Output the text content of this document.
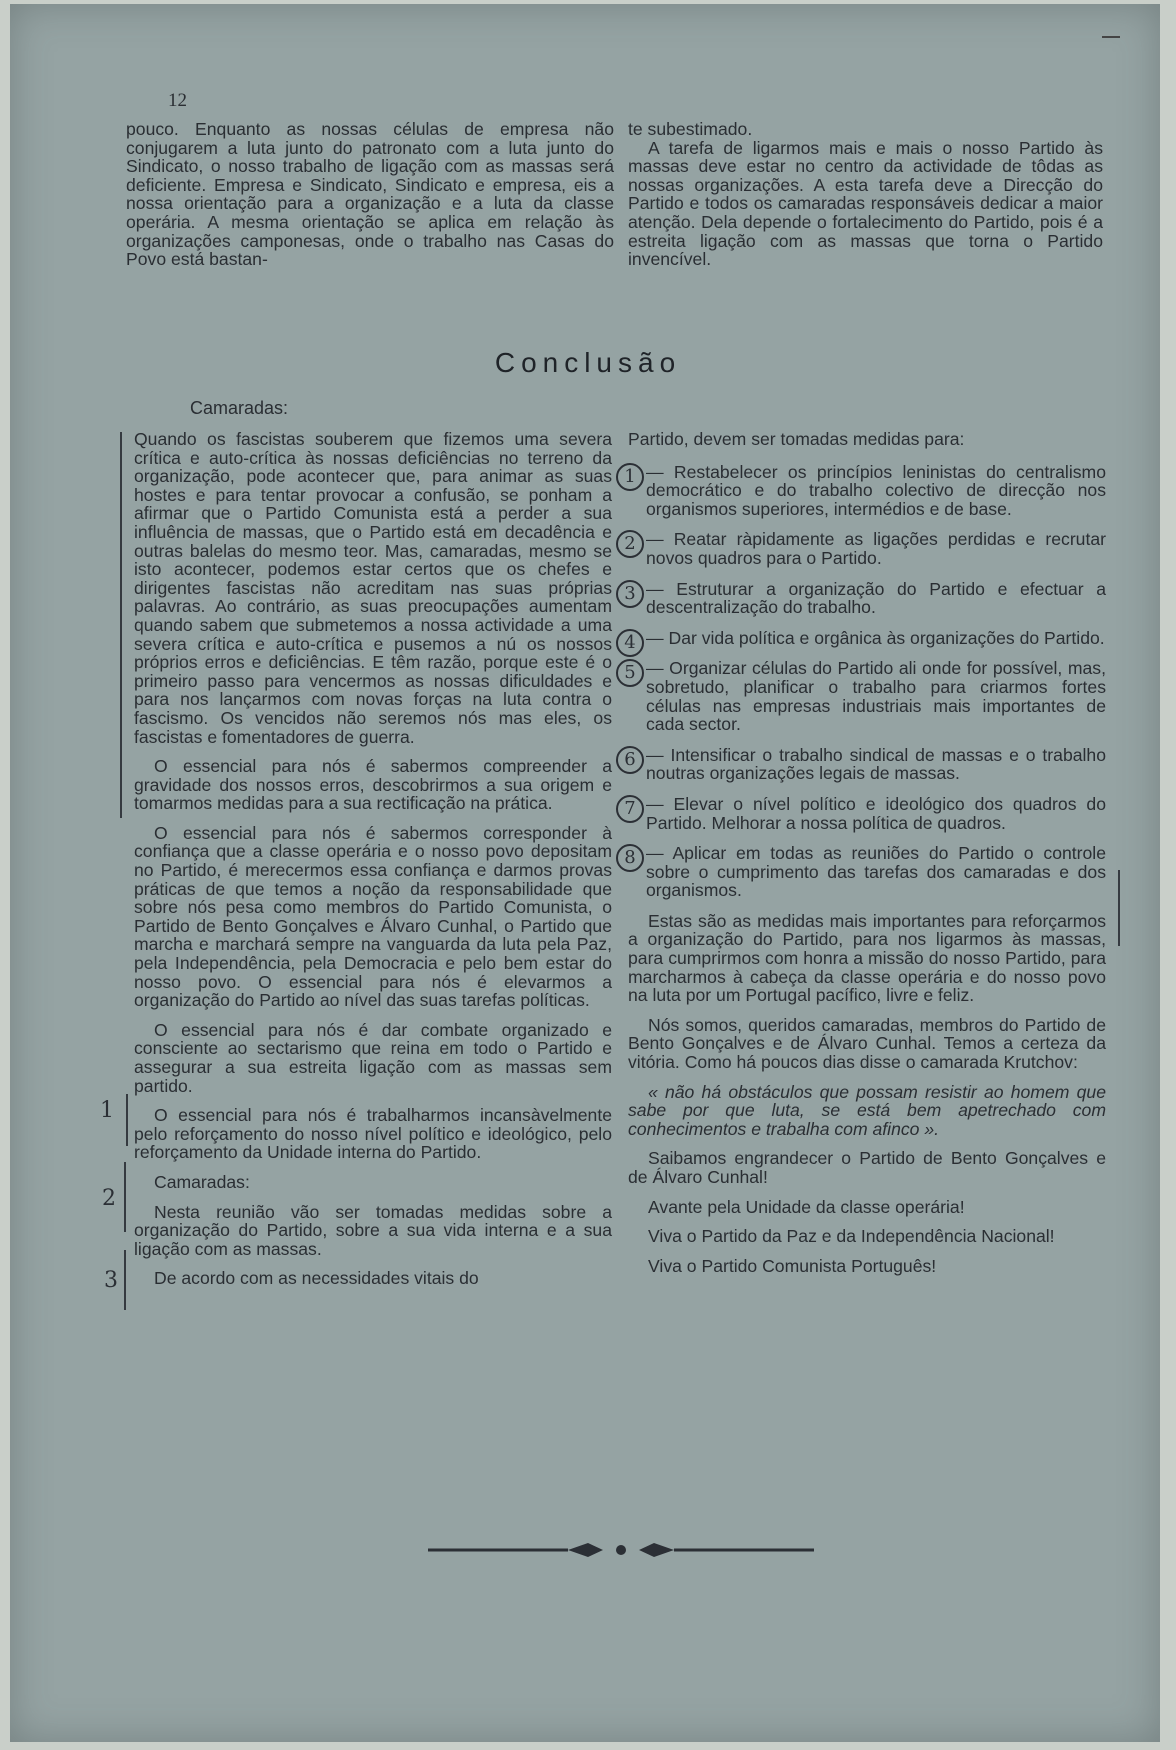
12

pouco. Enquanto as nossas células de empresa não conjugarem a luta junto do patronato com a luta junto do Sindicato, o nosso trabalho de ligação com as massas será deficiente. Empresa e Sindicato, Sindicato e empresa, eis a nossa orientação para a organização e a luta da classe operária. A mesma orientação se aplica em relação às organizações camponesas, onde o trabalho nas Casas do Povo está bastan-

te subestimado.

A tarefa de ligarmos mais e mais o nosso Partido às massas deve estar no centro da actividade de tôdas as nossas organizações. A esta tarefa deve a Direcção do Partido e todos os camaradas responsáveis dedicar a maior atenção. Dela depende o fortalecimento do Partido, pois é a estreita ligação com as massas que torna o Partido invencível.

Conclusão
Camaradas:

Quando os fascistas souberem que fizemos uma severa crítica e auto-crítica às nossas deficiências no terreno da organização, pode acontecer que, para animar as suas hostes e para tentar provocar a confusão, se ponham a afirmar que o Partido Comunista está a perder a sua influência de massas, que o Partido está em decadência e outras balelas do mesmo teor. Mas, camaradas, mesmo se isto acontecer, podemos estar certos que os chefes e dirigentes fascistas não acreditam nas suas próprias palavras. Ao contrário, as suas preocupações aumentam quando sabem que submetemos a nossa actividade a uma severa crítica e auto-crítica e pusemos a nú os nossos próprios erros e deficiências. E têm razão, porque este é o primeiro passo para vencermos as nossas dificuldades e para nos lançarmos com novas forças na luta contra o fascismo. Os vencidos não seremos nós mas eles, os fascistas e fomentadores de guerra.

O essencial para nós é sabermos compreender a gravidade dos nossos erros, descobrirmos a sua origem e tomarmos medidas para a sua rectificação na prática.

O essencial para nós é sabermos corresponder à confiança que a classe operária e o nosso povo depositam no Partido, é merecermos essa confiança e darmos provas práticas de que temos a noção da responsabilidade que sobre nós pesa como membros do Partido Comunista, o Partido de Bento Gonçalves e Álvaro Cunhal, o Partido que marcha e marchará sempre na vanguarda da luta pela Paz, pela Independência, pela Democracia e pelo bem estar do nosso povo. O essencial para nós é elevarmos a organização do Partido ao nível das suas tarefas políticas.

O essencial para nós é dar combate organizado e consciente ao sectarismo que reina em todo o Partido e assegurar a sua estreita ligação com as massas sem partido.

O essencial para nós é trabalharmos incansàvelmente pelo reforçamento do nosso nível político e ideológico, pelo reforçamento da Unidade interna do Partido.

Camaradas:

Nesta reunião vão ser tomadas medidas sobre a organização do Partido, sobre a sua vida interna e a sua ligação com as massas.

De acordo com as necessidades vitais do

Partido, devem ser tomadas medidas para:

1 — Restabelecer os princípios leninistas do centralismo democrático e do trabalho colectivo de direcção nos organismos superiores, intermédios e de base.
2 — Reatar ràpidamente as ligações perdidas e recrutar novos quadros para o Partido.
3 — Estruturar a organização do Partido e efectuar a descentralização do trabalho.
4 — Dar vida política e orgânica às organizações do Partido.
5 — Organizar células do Partido ali onde for possível, mas, sobretudo, planificar o trabalho para criarmos fortes células nas empresas industriais mais importantes de cada sector.
6 — Intensificar o trabalho sindical de massas e o trabalho noutras organizações legais de massas.
7 — Elevar o nível político e ideológico dos quadros do Partido. Melhorar a nossa política de quadros.
8 — Aplicar em todas as reuniões do Partido o controle sobre o cumprimento das tarefas dos camaradas e dos organismos.

Estas são as medidas mais importantes para reforçarmos a organização do Partido, para nos ligarmos às massas, para cumprirmos com honra a missão do nosso Partido, para marcharmos à cabeça da classe operária e do nosso povo na luta por um Portugal pacífico, livre e feliz.

Nós somos, queridos camaradas, membros do Partido de Bento Gonçalves e de Álvaro Cunhal. Temos a certeza da vitória. Como há poucos dias disse o camarada Krutchov:

« não há obstáculos que possam resistir ao homem que sabe por que luta, se está bem apetrechado com conhecimentos e trabalha com afinco ».

Saibamos engrandecer o Partido de Bento Gonçalves e de Álvaro Cunhal!

Avante pela Unidade da classe operária!

Viva o Partido da Paz e da Independência Nacional!

Viva o Partido Comunista Português!

1
2
3
